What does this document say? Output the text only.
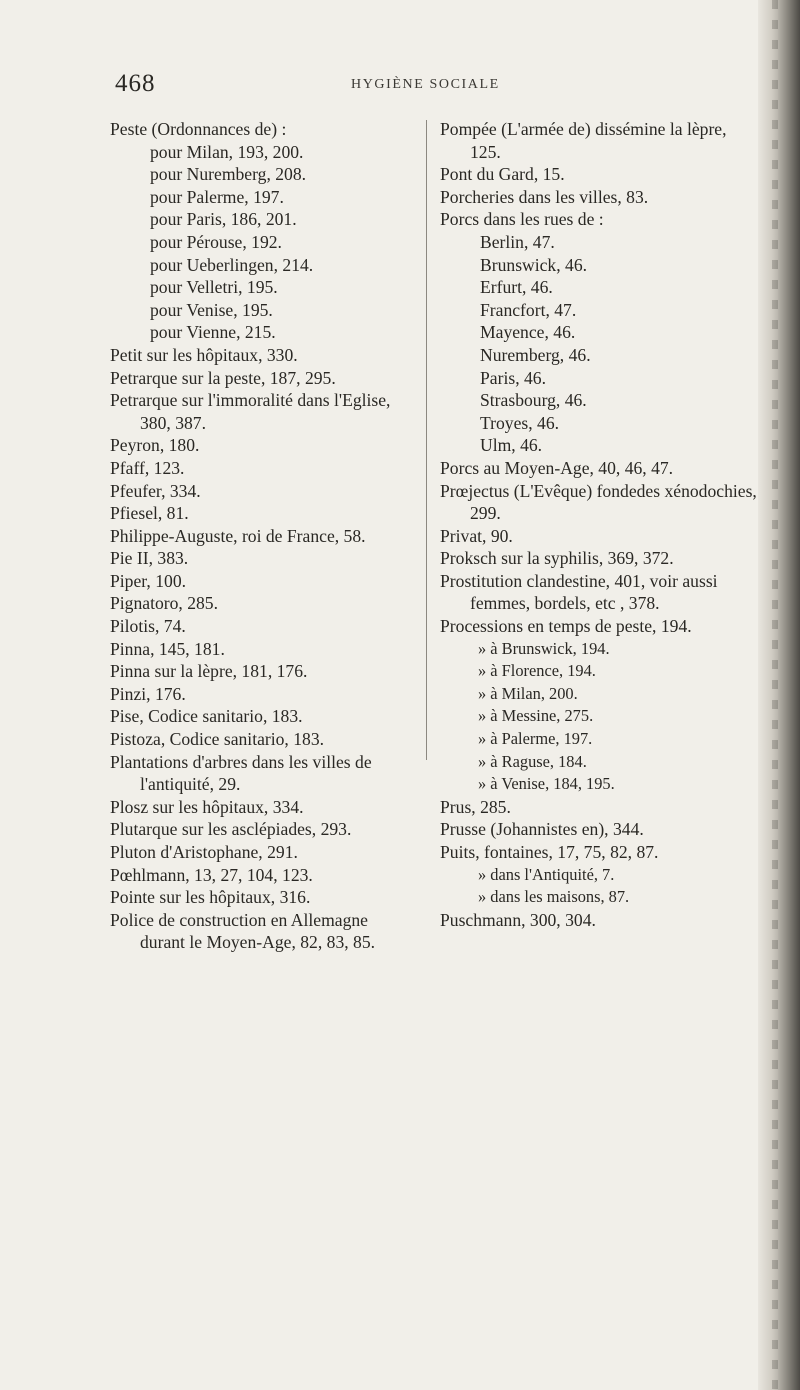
468	HYGIÈNE SOCIALE

Peste (Ordonnances de) :

pour Milan, 193, 200.

pour Nuremberg, 208.

pour Palerme, 197.

pour Paris, 186, 201.

pour Pérouse, 192.

pour Ueberlingen, 214.

pour Velletri, 195.

pour Venise, 195.

pour Vienne, 215.

Petit sur les hôpitaux, 330.

Petrarque sur la peste, 187, 295.

Petrarque sur l'immoralité dans l'Eglise, 380, 387.

Peyron, 180.

Pfaff, 123.

Pfeufer, 334.

Pfiesel, 81.

Philippe-Auguste, roi de France, 58.

Pie II, 383.

Piper, 100.

Pignatoro, 285.

Pilotis, 74.

Pinna, 145, 181.

Pinna sur la lèpre, 181, 176.

Pinzi, 176.

Pise, Codice sanitario, 183.

Pistoza, Codice sanitario, 183.

Plantations d'arbres dans les villes de l'antiquité, 29.

Plosz sur les hôpitaux, 334.

Plutarque sur les asclépiades, 293.

Pluton d'Aristophane, 291.

Pœhlmann, 13, 27, 104, 123.

Pointe sur les hôpitaux, 316.

Police de construction en Allemagne durant le Moyen-Age, 82, 83, 85.

Pompée (L'armée de) dissémine la lèpre, 125.

Pont du Gard, 15.

Porcheries dans les villes, 83.

Porcs dans les rues de :

Berlin, 47.

Brunswick, 46.

Erfurt, 46.

Francfort, 47.

Mayence, 46.

Nuremberg, 46.

Paris, 46.

Strasbourg, 46.

Troyes, 46.

Ulm, 46.

Porcs au Moyen-Age, 40, 46, 47.

Prœjectus (L'Evêque) fondedes xénodochies, 299.

Privat, 90.

Proksch sur la syphilis, 369, 372.

Prostitution clandestine, 401, voir aussi femmes, bordels, etc , 378.

Processions en temps de peste, 194.

» à Brunswick, 194.

» à Florence, 194.

» à Milan, 200.

» à Messine, 275.

» à Palerme, 197.

» à Raguse, 184.

» à Venise, 184, 195.

Prus, 285.

Prusse (Johannistes en), 344.

Puits, fontaines, 17, 75, 82, 87.

» dans l'Antiquité, 7.

» dans les maisons, 87.

Puschmann, 300, 304.
